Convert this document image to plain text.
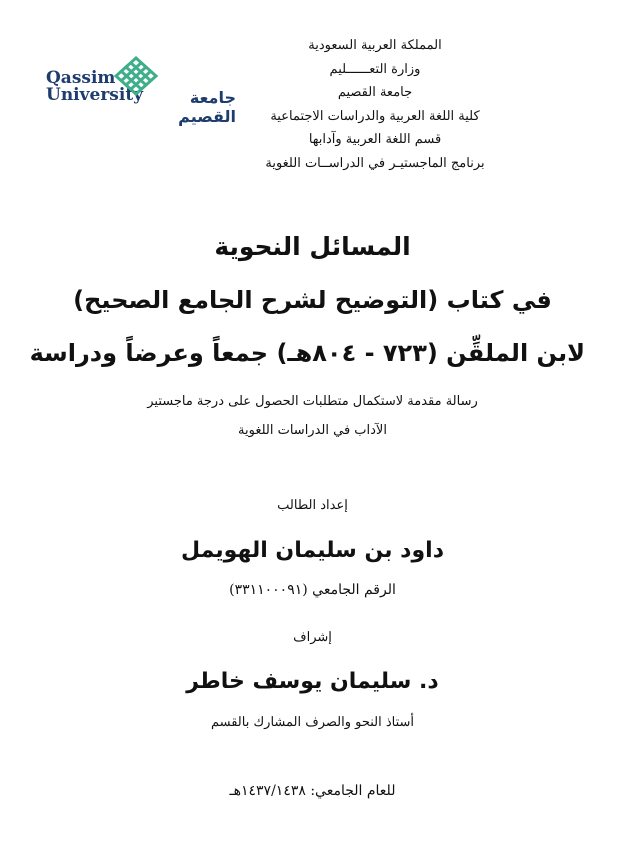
المملكة العربية السعودية
وزارة التعــــــليم
جامعة القصيم
كلية اللغة العربية والدراسات الاجتماعية
قسم اللغة العربية وآدابها
برنامج الماجستيـر في الدراســات اللغوية
Qassim
University	جامعة القصيم
المسائل النحوية
في كتاب (التوضيح لشرح الجامع الصحيح)
لابن الملقِّن (٧٢٣ - ٨٠٤هـ) جمعاً وعرضاً ودراسة
رسالة مقدمة لاستكمال متطلبات الحصول على درجة ماجستير
الآداب في الدراسات اللغوية
إعداد الطالب
داود بن سليمان الهويمل
الرقم الجامعي (٣٣١١٠٠٠٩١)
إشراف
د. سليمان يوسف خاطر
أستاذ النحو والصرف المشارك بالقسم
للعام الجامعي: ١٤٣٧/١٤٣٨هـ
